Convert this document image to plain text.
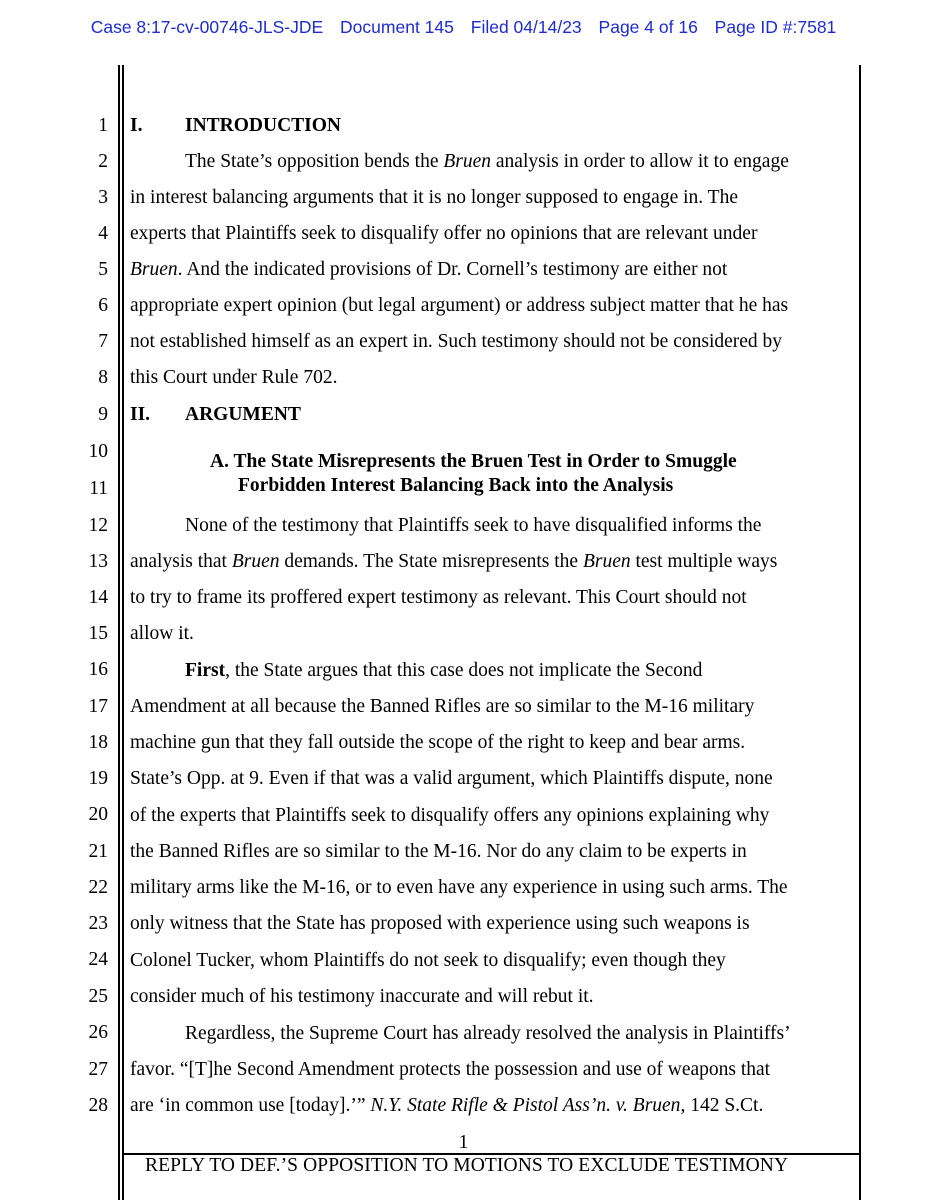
Case 8:17-cv-00746-JLS-JDE Document 145 Filed 04/14/23 Page 4 of 16 Page ID #:7581
1
2
3
4
5
6
7
8
9
10
11
12
13
14
15
16
17
18
19
20
21
22
23
24
25
26
27
28
I. INTRODUCTION
The State’s opposition bends the Bruen analysis in order to allow it to engage
in interest balancing arguments that it is no longer supposed to engage in. The
experts that Plaintiffs seek to disqualify offer no opinions that are relevant under
Bruen. And the indicated provisions of Dr. Cornell’s testimony are either not
appropriate expert opinion (but legal argument) or address subject matter that he has
not established himself as an expert in. Such testimony should not be considered by
this Court under Rule 702.
II. ARGUMENT
A. The State Misrepresents the Bruen Test in Order to Smuggle
Forbidden Interest Balancing Back into the Analysis
None of the testimony that Plaintiffs seek to have disqualified informs the
analysis that Bruen demands. The State misrepresents the Bruen test multiple ways
to try to frame its proffered expert testimony as relevant. This Court should not
allow it.
First, the State argues that this case does not implicate the Second
Amendment at all because the Banned Rifles are so similar to the M-16 military
machine gun that they fall outside the scope of the right to keep and bear arms.
State’s Opp. at 9. Even if that was a valid argument, which Plaintiffs dispute, none
of the experts that Plaintiffs seek to disqualify offers any opinions explaining why
the Banned Rifles are so similar to the M-16. Nor do any claim to be experts in
military arms like the M-16, or to even have any experience in using such arms. The
only witness that the State has proposed with experience using such weapons is
Colonel Tucker, whom Plaintiffs do not seek to disqualify; even though they
consider much of his testimony inaccurate and will rebut it.
Regardless, the Supreme Court has already resolved the analysis in Plaintiffs’
favor. “[T]he Second Amendment protects the possession and use of weapons that
are ‘in common use [today].’” N.Y. State Rifle & Pistol Ass’n. v. Bruen, 142 S.Ct.
1
REPLY TO DEF.’S OPPOSITION TO MOTIONS TO EXCLUDE TESTIMONY
